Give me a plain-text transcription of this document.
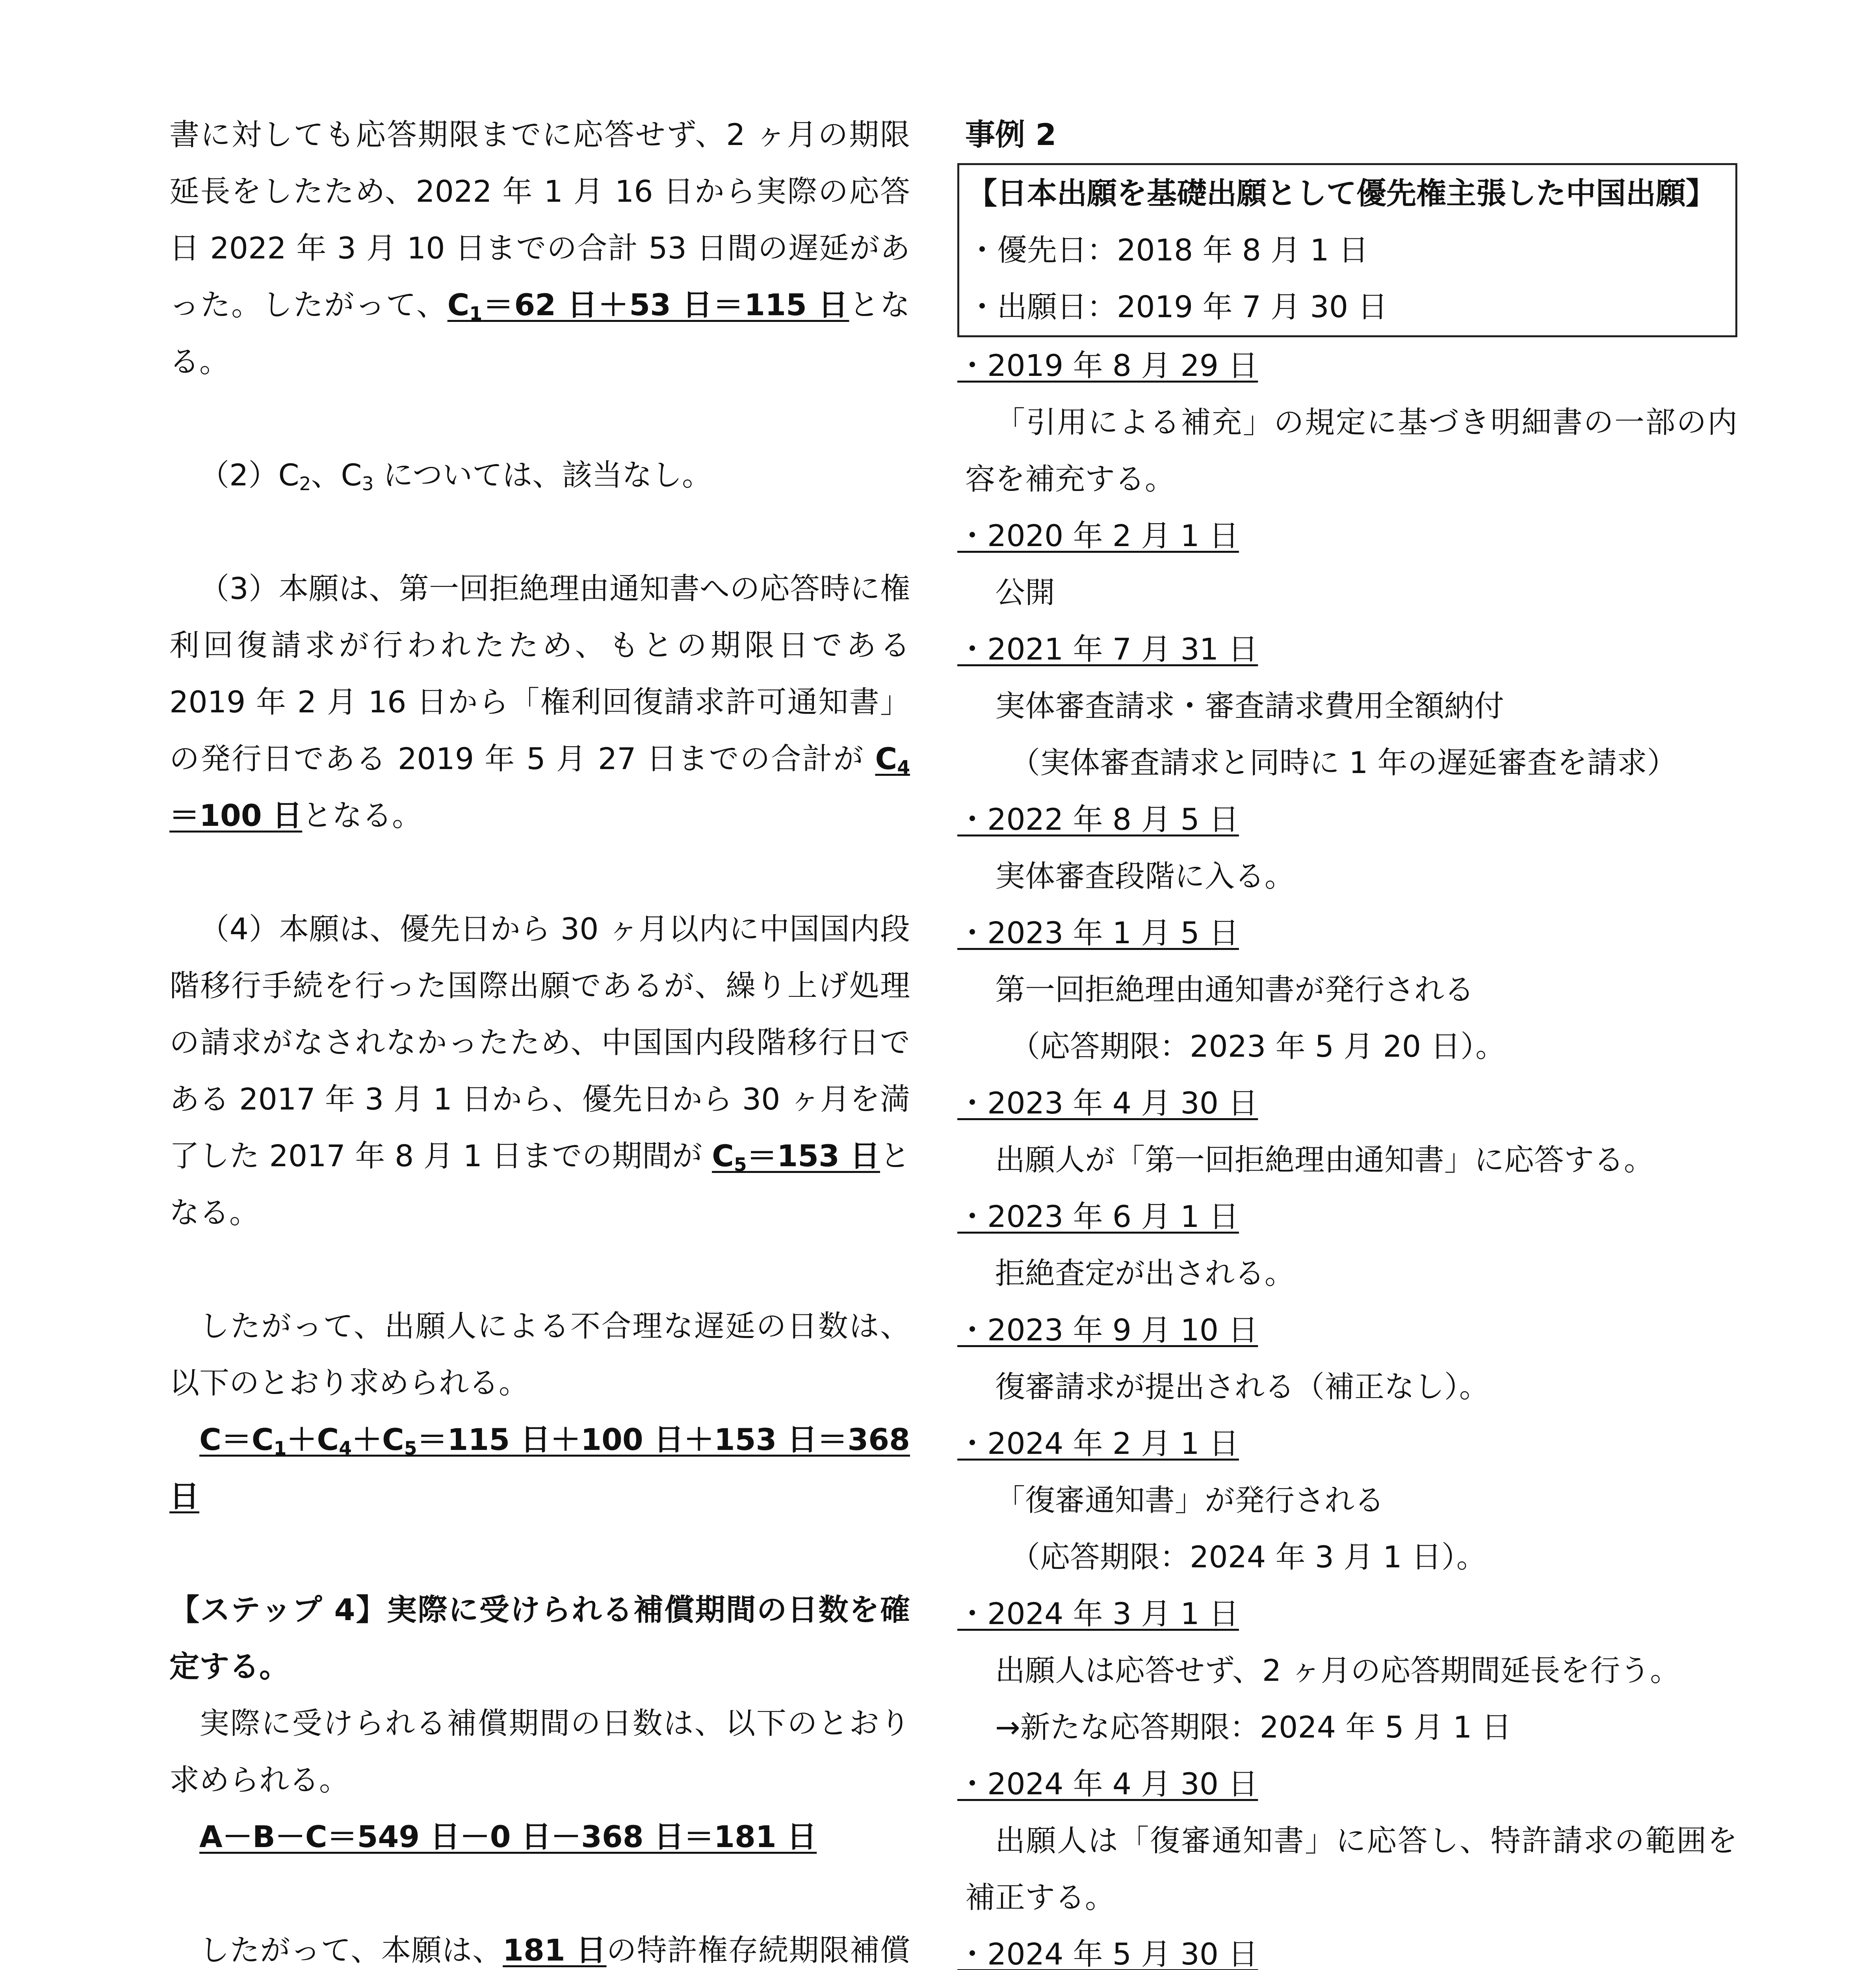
書に対しても応答期限までに応答せず、2 ヶ月の期限延長をしたため、2022 年 1 月 16 日から実際の応答日 2022 年 3 月 10 日までの合計 53 日間の遅延があった。したがって、$C_1=62$ 日＋53 日＝115 日となる。

$(2)C_2$、$C_3$ については、該当なし。

（3）本願は、第一回拒絶理由通知書への応答時に権利回復請求が行われたため、もとの期限日である 2019 年 2 月 16 日から「権利回復請求許可通知書」の発行日である 2019 年 5 月 27 日までの合計が $C_4=100$ 日となる。

（4）本願は、優先日から 30 ヶ月以内に中国国内段階移行手続を行った国際出願であるが、繰り上げ処理の請求がなされなかったため、中国国内段階移行日である 2017 年 3 月 1 日から、優先日から 30 ヶ月を満了した 2017 年 8 月 1 日までの期間が $C_5=153$ 日となる。

したがって、出願人による不合理な遅延の日数は、以下のとおり求められる。

$C=C_1+C_4+C_5=115$ 日＋100 日＋153 日＝368 日

【ステップ 4】実際に受けられる補償期間の日数を確定する。

実際に受けられる補償期間の日数は、以下のとおり求められる。

A－B－C＝549 日－0 日－368 日＝181 日

したがって、本願は、181 日の特許権存続期限補償

事例 2

【日本出願を基礎出願として優先権主張した中国出願】

・優先日：2018 年 8 月 1 日

・出願日：2019 年 7 月 30 日

・2019 年 8 月 29 日

「引用による補充」の規定に基づき明細書の一部の内容を補充する。

・2020 年 2 月 1 日

公開

・2021 年 7 月 31 日

実体審査請求・審査請求費用全額納付

（実体審査請求と同時に 1 年の遅延審査を請求）

・2022 年 8 月 5 日

実体審査段階に入る。

・2023 年 1 月 5 日

第一回拒絶理由通知書が発行される

（応答期限：2023 年 5 月 20 日）。

・2023 年 4 月 30 日

出願人が「第一回拒絶理由通知書」に応答する。

・2023 年 6 月 1 日

拒絶査定が出される。

・2023 年 9 月 10 日

復審請求が提出される（補正なし）。

・2024 年 2 月 1 日

「復審通知書」が発行される

（応答期限：2024 年 3 月 1 日）。

・2024 年 3 月 1 日

出願人は応答せず、2 ヶ月の応答期間延長を行う。

→新たな応答期限：2024 年 5 月 1 日

・2024 年 4 月 30 日

出願人は「復審通知書」に応答し、特許請求の範囲を補正する。

・2024 年 5 月 30 日
